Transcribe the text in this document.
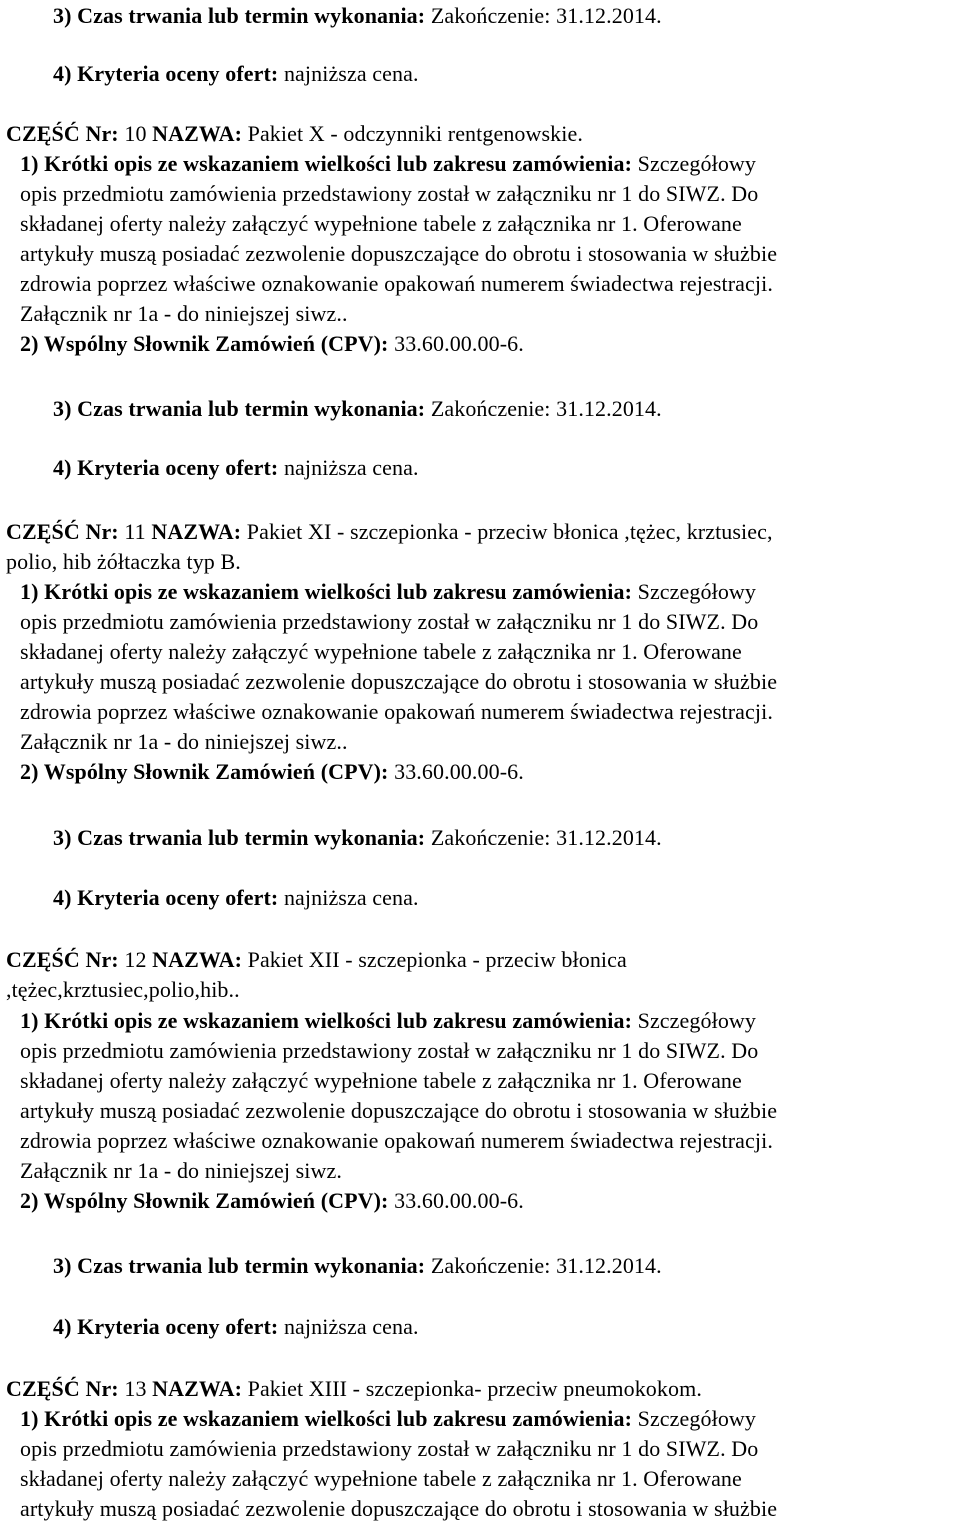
3) Czas trwania lub termin wykonania: Zakończenie: 31.12.2014.
4) Kryteria oceny ofert: najniższa cena.
CZĘŚĆ Nr: 10 NAZWA: Pakiet X - odczynniki rentgenowskie.
1) Krótki opis ze wskazaniem wielkości lub zakresu zamówienia: Szczegółowy
opis przedmiotu zamówienia przedstawiony został w załączniku nr 1 do SIWZ. Do
składanej oferty należy załączyć wypełnione tabele z załącznika nr 1. Oferowane
artykuły muszą posiadać zezwolenie dopuszczające do obrotu i stosowania w służbie
zdrowia poprzez właściwe oznakowanie opakowań numerem świadectwa rejestracji.
Załącznik nr 1a - do niniejszej siwz..
2) Wspólny Słownik Zamówień (CPV): 33.60.00.00-6.
3) Czas trwania lub termin wykonania: Zakończenie: 31.12.2014.
4) Kryteria oceny ofert: najniższa cena.
CZĘŚĆ Nr: 11 NAZWA: Pakiet XI - szczepionka - przeciw błonica ,tężec, krztusiec,
polio, hib żółtaczka typ B.
1) Krótki opis ze wskazaniem wielkości lub zakresu zamówienia: Szczegółowy
opis przedmiotu zamówienia przedstawiony został w załączniku nr 1 do SIWZ. Do
składanej oferty należy załączyć wypełnione tabele z załącznika nr 1. Oferowane
artykuły muszą posiadać zezwolenie dopuszczające do obrotu i stosowania w służbie
zdrowia poprzez właściwe oznakowanie opakowań numerem świadectwa rejestracji.
Załącznik nr 1a - do niniejszej siwz..
2) Wspólny Słownik Zamówień (CPV): 33.60.00.00-6.
3) Czas trwania lub termin wykonania: Zakończenie: 31.12.2014.
4) Kryteria oceny ofert: najniższa cena.
CZĘŚĆ Nr: 12 NAZWA: Pakiet XII - szczepionka - przeciw błonica
,tężec,krztusiec,polio,hib..
1) Krótki opis ze wskazaniem wielkości lub zakresu zamówienia: Szczegółowy
opis przedmiotu zamówienia przedstawiony został w załączniku nr 1 do SIWZ. Do
składanej oferty należy załączyć wypełnione tabele z załącznika nr 1. Oferowane
artykuły muszą posiadać zezwolenie dopuszczające do obrotu i stosowania w służbie
zdrowia poprzez właściwe oznakowanie opakowań numerem świadectwa rejestracji.
Załącznik nr 1a - do niniejszej siwz.
2) Wspólny Słownik Zamówień (CPV): 33.60.00.00-6.
3) Czas trwania lub termin wykonania: Zakończenie: 31.12.2014.
4) Kryteria oceny ofert: najniższa cena.
CZĘŚĆ Nr: 13 NAZWA: Pakiet XIII - szczepionka- przeciw pneumokokom.
1) Krótki opis ze wskazaniem wielkości lub zakresu zamówienia: Szczegółowy
opis przedmiotu zamówienia przedstawiony został w załączniku nr 1 do SIWZ. Do
składanej oferty należy załączyć wypełnione tabele z załącznika nr 1. Oferowane
artykuły muszą posiadać zezwolenie dopuszczające do obrotu i stosowania w służbie
